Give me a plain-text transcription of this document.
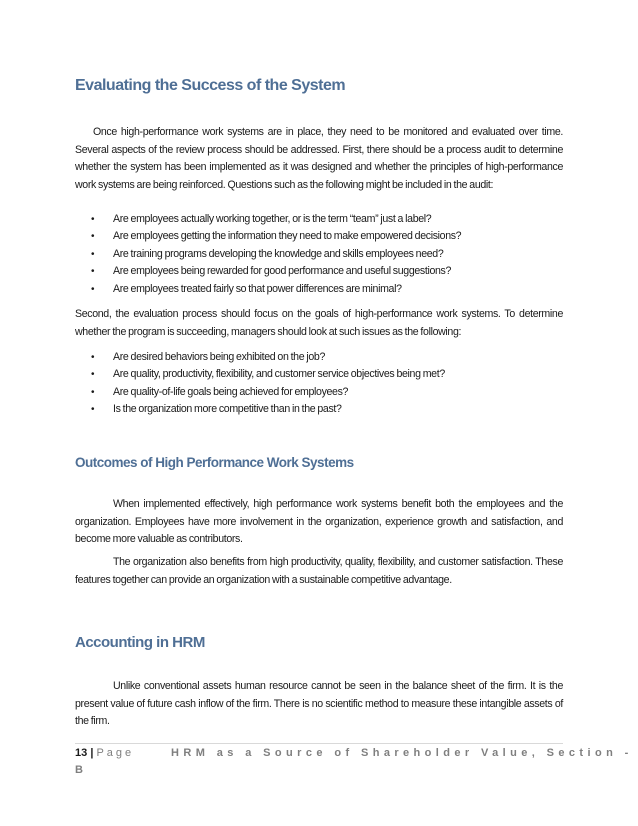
Evaluating the Success of the System

Once high-performance work systems are in place, they need to be monitored and evaluated over time. Several aspects of the review process should be addressed. First, there should be a process audit to determine whether the system has been implemented as it was designed and whether the principles of high-performance work systems are being reinforced. Questions such as the following might be included in the audit:

• Are employees actually working together, or is the term “team” just a label?
• Are employees getting the information they need to make empowered decisions?
• Are training programs developing the knowledge and skills employees need?
• Are employees being rewarded for good performance and useful suggestions?
• Are employees treated fairly so that power differences are minimal?

Second, the evaluation process should focus on the goals of high-performance work systems. To determine whether the program is succeeding, managers should look at such issues as the following:

• Are desired behaviors being exhibited on the job?
• Are quality, productivity, flexibility, and customer service objectives being met?
• Are quality-of-life goals being achieved for employees?
• Is the organization more competitive than in the past?
Outcomes of High Performance Work Systems

When implemented effectively, high performance work systems benefit both the employees and the organization. Employees have more involvement in the organization, experience growth and satisfaction, and become more valuable as contributors.

The organization also benefits from high productivity, quality, flexibility, and customer satisfaction. These features together can provide an organization with a sustainable competitive advantage.

Accounting in HRM

Unlike conventional assets human resource cannot be seen in the balance sheet of the firm. It is the present value of future cash inflow of the firm. There is no scientific method to measure these intangible assets of the firm.

13 | Page	HRM as a Source of Shareholder Value, Section -
B
